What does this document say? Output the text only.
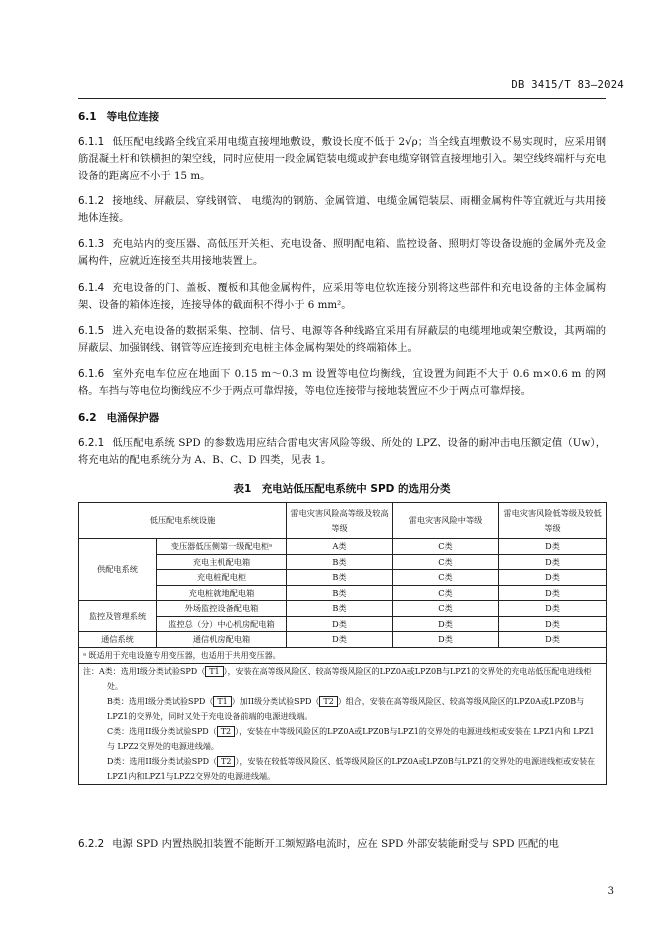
DB 3415/T 83—2024
6.1 等电位连接
6.1.1 低压配电线路全线宜采用电缆直接埋地敷设，敷设长度不低于 2√ρ；当全线直埋敷设不易实现时，应采用钢筋混凝土杆和铁横担的架空线，同时应使用一段金属铠装电缆或护套电缆穿钢管直接埋地引入。架空线终端杆与充电设备的距离应不小于 15 m。
6.1.2 接地线、屏蔽层、穿线钢管、 电缆沟的钢筋、金属管道、电缆金属铠装层、雨棚金属构件等宜就近与共用接地体连接。
6.1.3 充电站内的变压器、高低压开关柜、充电设备、照明配电箱、监控设备、照明灯等设备设施的金属外壳及金属构件，应就近连接至共用接地装置上。
6.1.4 充电设备的门、盖板、覆板和其他金属构件，应采用等电位软连接分别将这些部件和充电设备的主体金属构架、设备的箱体连接，连接导体的截面积不得小于 6 mm²。
6.1.5 进入充电设备的数据采集、控制、信号、电源等各种线路宜采用有屏蔽层的电缆埋地或架空敷设，其两端的屏蔽层、加强钢线、钢管等应连接到充电桩主体金属构架处的终端箱体上。
6.1.6 室外充电车位应在地面下 0.15 m～0.3 m 设置等电位均衡线，宜设置为间距不大于 0.6 m×0.6 m 的网格。车挡与等电位均衡线应不少于两点可靠焊接，等电位连接带与接地装置应不少于两点可靠焊接。
6.2 电涌保护器
6.2.1 低压配电系统 SPD 的参数选用应结合雷电灾害风险等级、所处的 LPZ、设备的耐冲击电压额定值（Uw），将充电站的配电系统分为 A、B、C、D 四类，见表 1。
表1　充电站低压配电系统中 SPD 的选用分类
低压配电系统设施		雷电灾害风险高等级及较高等级	雷电灾害风险中等级	雷电灾害风险低等级及较低等级
供配电系统	变压器低压侧第一级配电柜ᵃ	A类	C类	D类
	充电主机配电箱	B类	C类	D类
	充电桩配电柜	B类	C类	D类
	充电桩就地配电箱	B类	C类	D类
监控及管理系统	外场监控设备配电箱	B类	C类	D类
	监控总（分）中心机房配电箱	D类	D类	D类
通信系统	通信机房配电箱	D类	D类	D类
ᵃ 既适用于充电设施专用变压器，也适用于共用变压器。				

注：A类：选用I级分类试验SPD（ T1 ），安装在高等级风险区、较高等级风险区的LPZ0A或LPZ0B与LPZ1的交界处的充电站低压配电进线柜处。
B类：选用I级分类试验SPD（ T1 ）加II级分类试验SPD（ T2 ）组合，安装在高等级风险区、较高等级风险区的LPZ0A或LPZ0B与LPZ1的交界处，同时又处于充电设备前端的电源进线端。
C类：选用II级分类试验SPD（ T2 ），安装在中等级风险区的LPZ0A或LPZ0B与LPZ1的交界处的电源进线柜或安装在 LPZ1内和 LPZ1与 LPZ2交界处的电源进线端。
D类：选用II级分类试验SPD（ T2 ），安装在较低等级风险区、低等级风险区的LPZ0A或LPZ0B与LPZ1的交界处的电源进线柜或安装在LPZ1内和LPZ1与LPZ2交界处的电源进线端。				
6.2.2 电源 SPD 内置热脱扣装置不能断开工频短路电流时，应在 SPD 外部安装能耐受与 SPD 匹配的电
3
